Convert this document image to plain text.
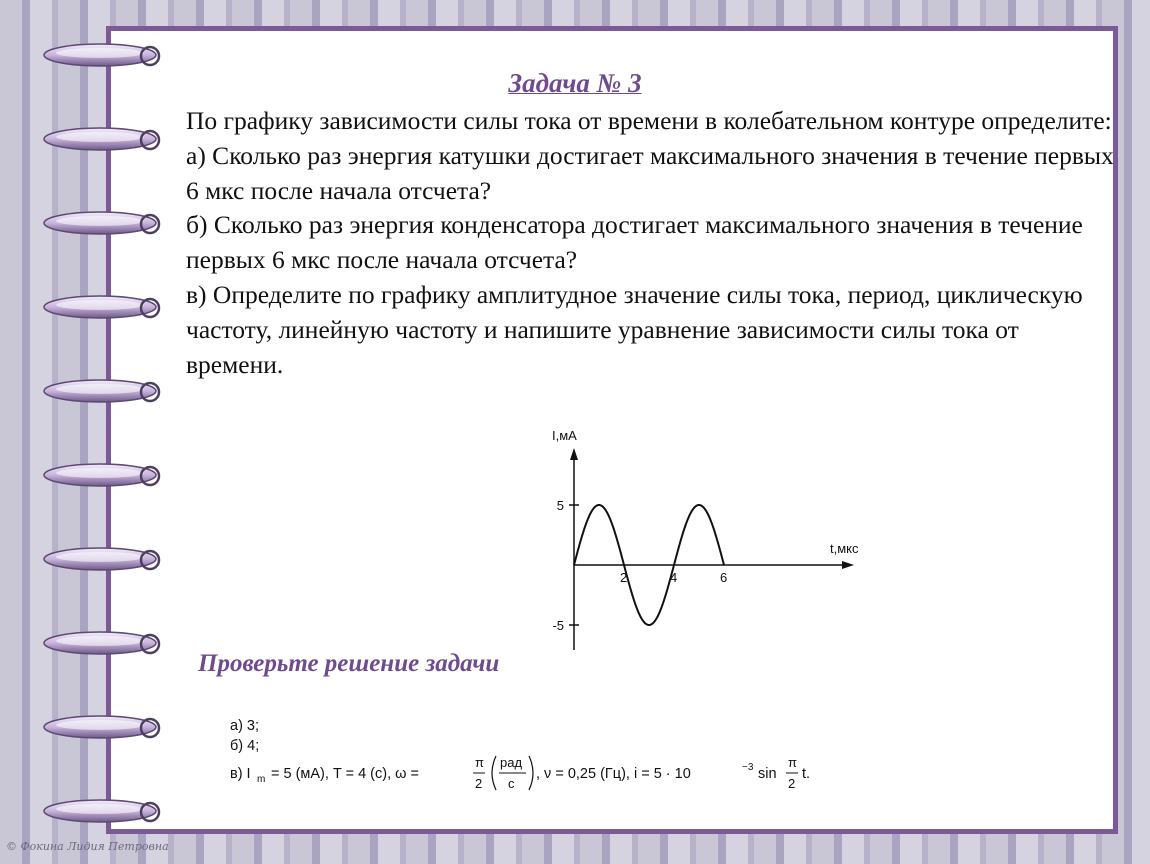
Задача № 3

По графику зависимости силы тока от времени в колебательном контуре определите:

а) Сколько раз энергия катушки достигает максимального значения в течение первых 6 мкс после начала отсчета?

б) Сколько раз энергия конденсатора достигает максимального значения в течение первых 6 мкс после начала отсчета?

в) Определите по графику амплитудное значение силы тока, период, циклическую частоту, линейную частоту и напишите уравнение зависимости силы тока от времени.

I,мА
t,мкс
2	4	6
5
-5
Проверьте решение задачи
а) 3;
б) 4;
в) I m = 5 (мА), T = 4 (c), ω =
π
2
рад
с
, ν = 0,25 (Гц), i = 5 · 10	−3 sin
π
2
t.
© Фокина Лидия Петровна
